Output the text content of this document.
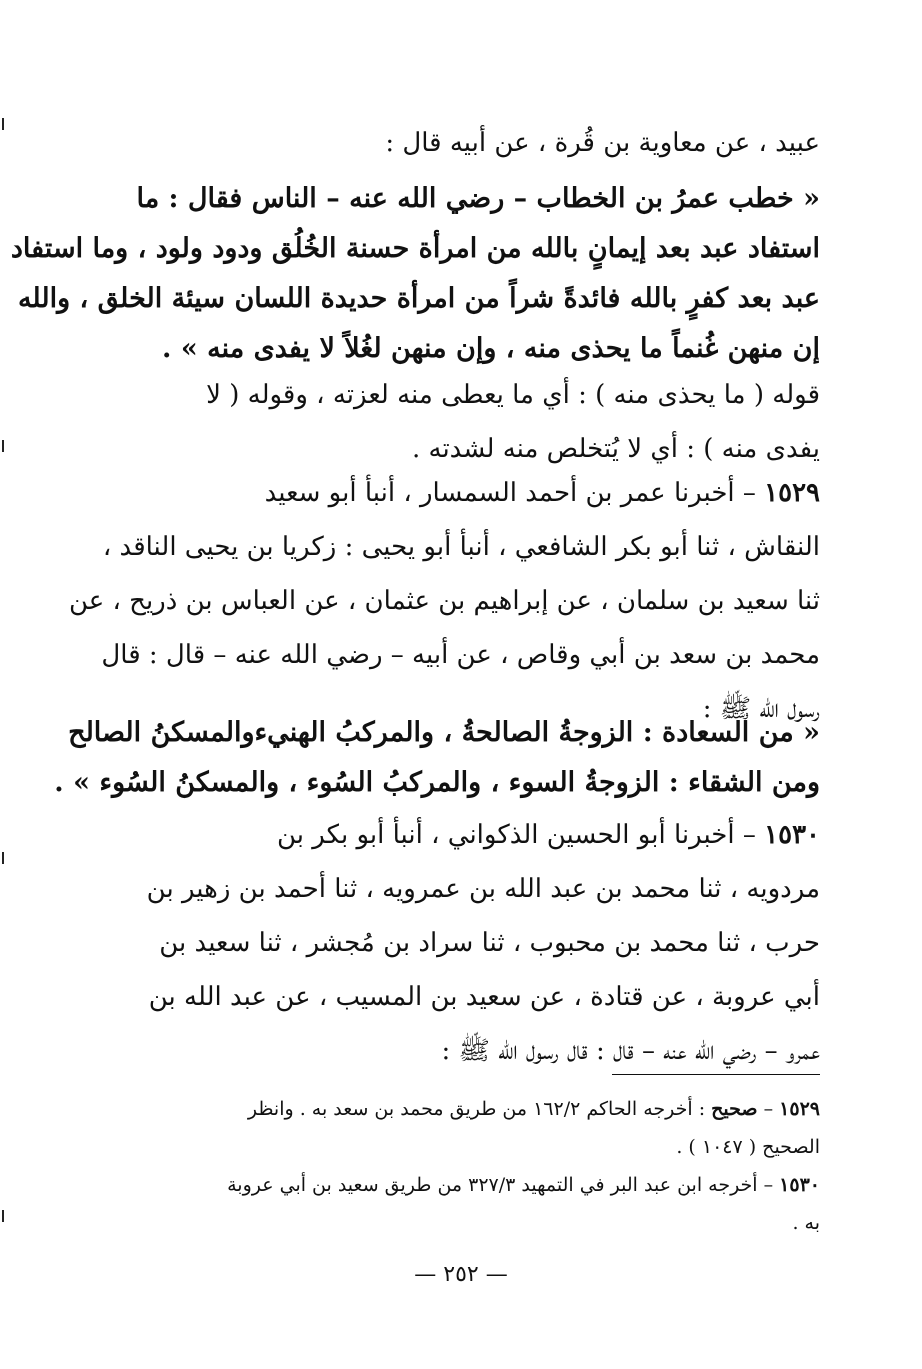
عبيد ، عن معاوية بن قُرة ، عن أبيه قال :
« خطب عمرُ بن الخطاب – رضي الله عنه – الناس فقال : ما
استفاد عبد بعد إيمانٍ بالله من امرأة حسنة الخُلُق ودود ولود ، وما استفاد
عبد بعد كفرٍ بالله فائدةً شراً من امرأة حديدة اللسان سيئة الخلق ، والله
إن منهن غُنماً ما يحذى منه ، وإن منهن لغُلاً لا يفدى منه » .
قوله ( ما يحذى منه ) : أي ما يعطى منه لعزته ، وقوله ( لا
يفدى منه ) : أي لا يُتخلص منه لشدته .
١٥٢٩ – أخبرنا عمر بن أحمد السمسار ، أنبأ أبو سعيد
النقاش ، ثنا أبو بكر الشافعي ، أنبأ أبو يحيى : زكريا بن يحيى الناقد ،
ثنا سعيد بن سلمان ، عن إبراهيم بن عثمان ، عن العباس بن ذريح ، عن
محمد بن سعد بن أبي وقاص ، عن أبيه – رضي الله عنه – قال : قال
رسول الله ﷺ :
« من السعادة : الزوجةُ الصالحةُ ، والمركبُ الهنيءوالمسكنُ الصالح
ومن الشقاء : الزوجةُ السوء ، والمركبُ السُوء ، والمسكنُ السُوء » .
١٥٣٠ – أخبرنا أبو الحسين الذكواني ، أنبأ أبو بكر بن
مردويه ، ثنا محمد بن عبد الله بن عمرويه ، ثنا أحمد بن زهير بن
حرب ، ثنا محمد بن محبوب ، ثنا سراد بن مُجشر ، ثنا سعيد بن
أبي عروبة ، عن قتادة ، عن سعيد بن المسيب ، عن عبد الله بن
عمرو – رضي الله عنه – قال : قال رسول الله ﷺ :
١٥٢٩ – صحيح : أخرجه الحاكم ١٦٢/٢ من طريق محمد بن سعد به . وانظر
الصحيح ( ١٠٤٧ ) .
١٥٣٠ – أخرجه ابن عبد البر في التمهيد ٣٢٧/٣ من طريق سعيد بن أبي عروبة
به .
— ٢٥٢ —
